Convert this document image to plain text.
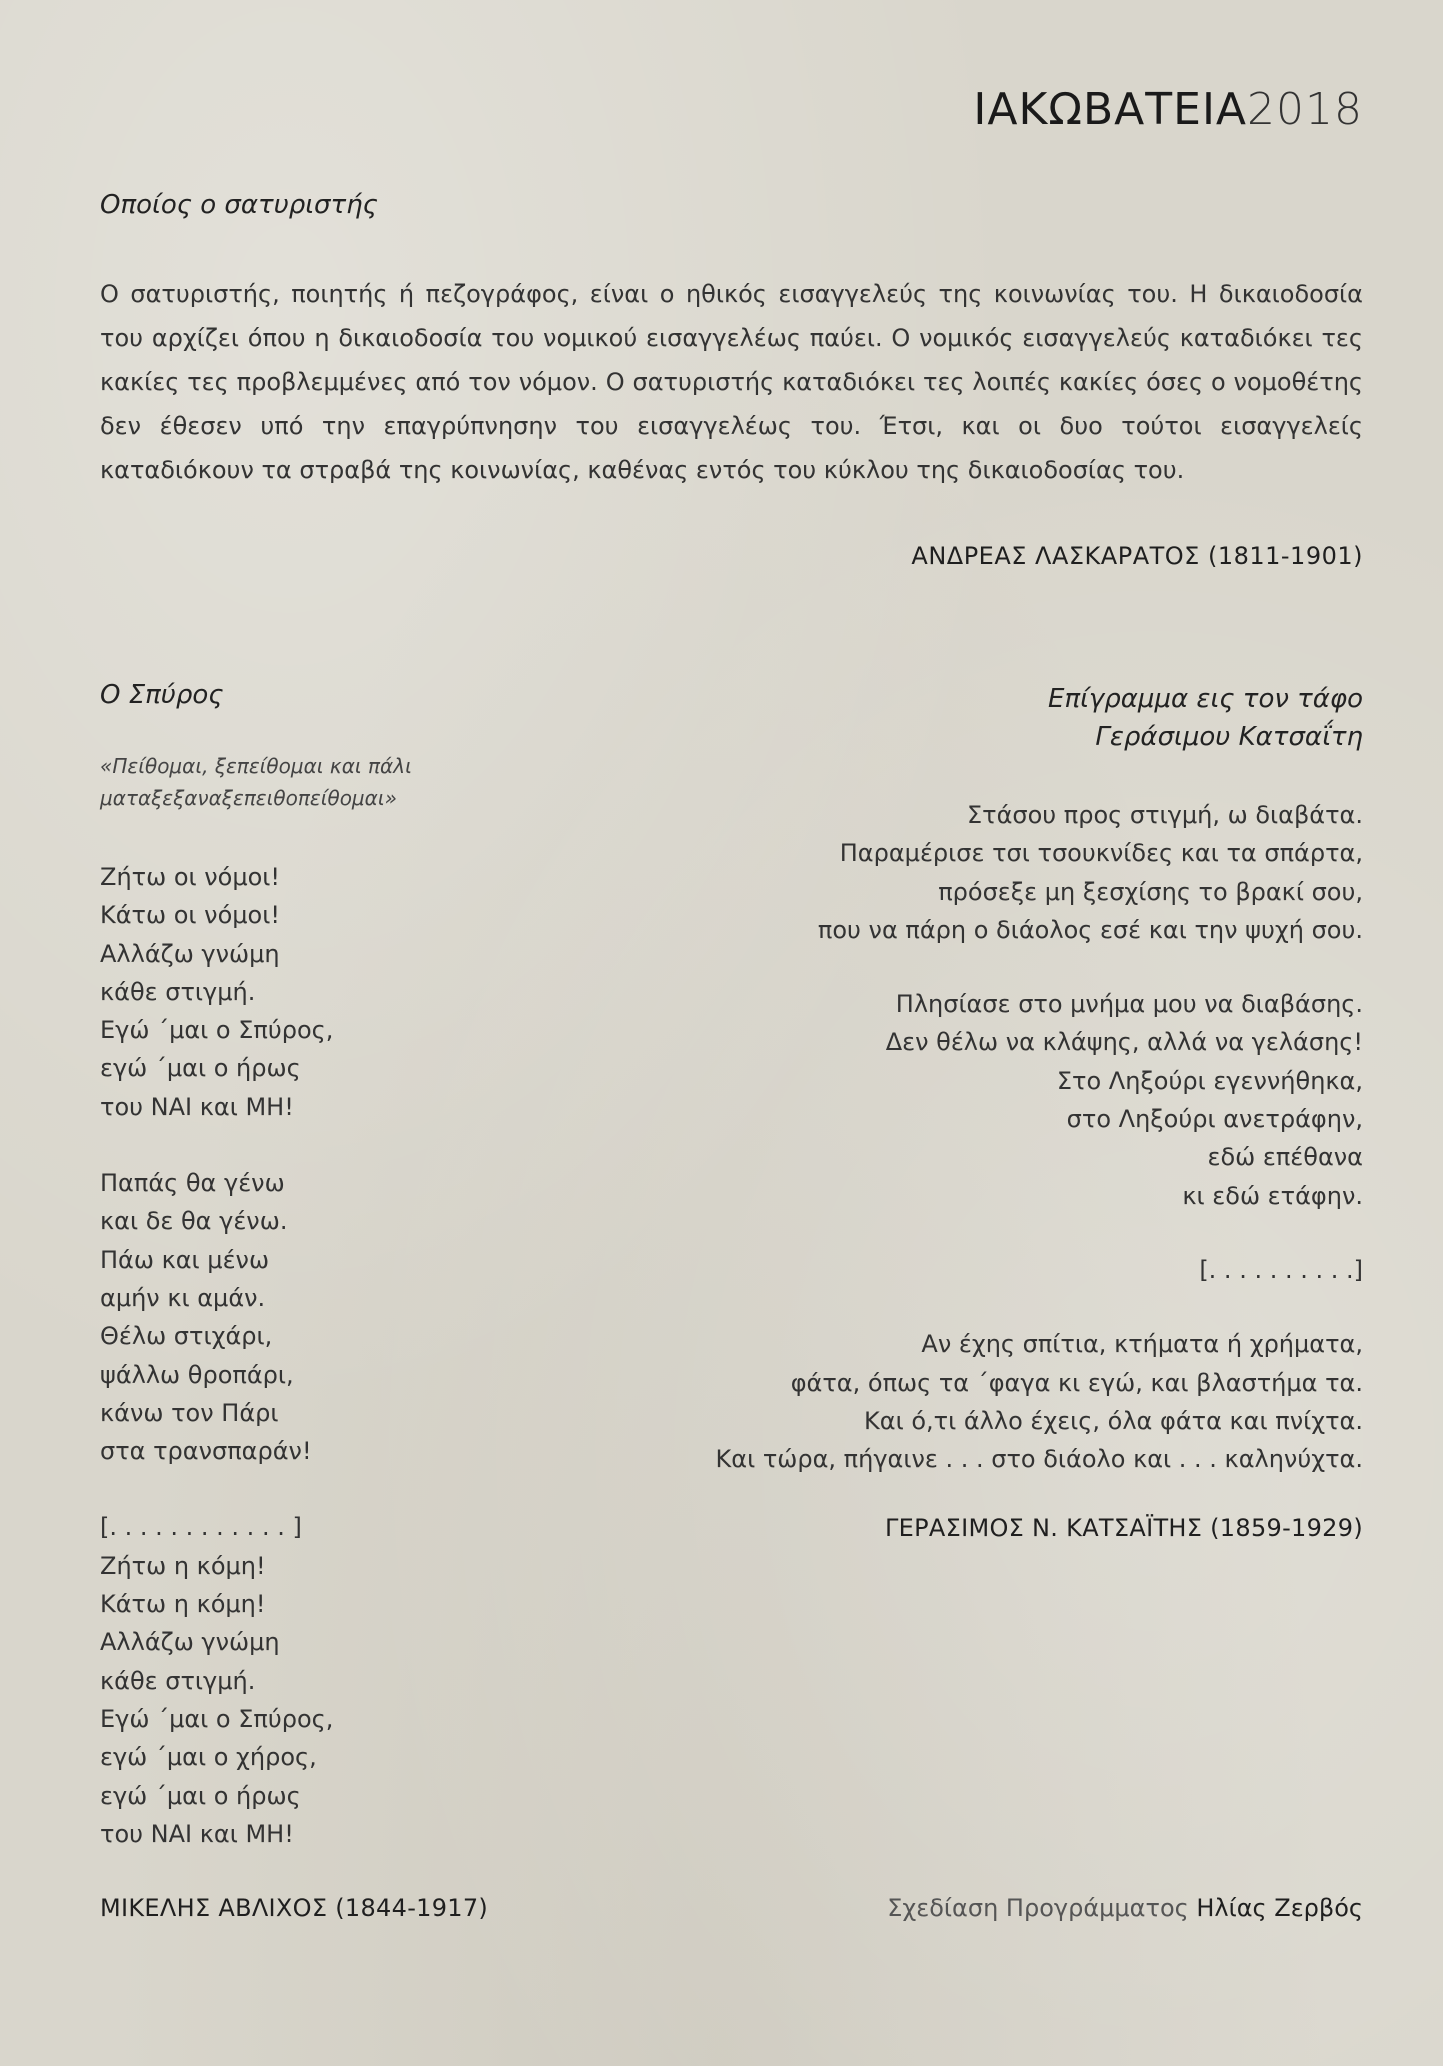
ΙΑΚΩΒΑΤΕΙΑ2018
Οποίος ο σατυριστής
Ο σατυριστής, ποιητής ή πεζογράφος, είναι ο ηθικός εισαγγελεύς της κοινωνίας του. Η δικαιοδοσία του αρχίζει όπου η δικαιοδοσία του νομικού εισαγγελέως παύει. Ο νομικός εισαγγελεύς καταδιόκει τες κακίες τες προβλεμμένες από τον νόμον. Ο σατυριστής καταδιόκει τες λοιπές κακίες όσες ο νομοθέτης δεν έθεσεν υπό την επαγρύπνησην του εισαγγελέως του. Έτσι, και οι δυο τούτοι εισαγγελείς καταδιόκουν τα στραβά της κοινωνίας, καθένας εντός του κύκλου της δικαιοδοσίας του.
ΑΝΔΡΕΑΣ ΛΑΣΚΑΡΑΤΟΣ (1811-1901)
Ο Σπύρος
«Πείθομαι, ξεπείθομαι και πάλι
ματαξεξαναξεπειθοπείθομαι»
Ζήτω οι νόμοι!
Κάτω οι νόμοι!
Αλλάζω γνώμη
κάθε στιγμή.
Εγώ ΄μαι ο Σπύρος,
εγώ ΄μαι ο ήρως
του ΝΑΙ και ΜΗ!
Παπάς θα γένω
και δε θα γένω.
Πάω και μένω
αμήν κι αμάν.
Θέλω στιχάρι,
ψάλλω θροπάρι,
κάνω τον Πάρι
στα τρανσπαράν!
[. . . . . . . . . . . . ]
Ζήτω η κόμη!
Κάτω η κόμη!
Αλλάζω γνώμη
κάθε στιγμή.
Εγώ ΄μαι ο Σπύρος,
εγώ ΄μαι ο χήρος,
εγώ ΄μαι ο ήρως
του ΝΑΙ και ΜΗ!
Επίγραμμα εις τον τάφο
Γεράσιμου Κατσαΐτη
Στάσου προς στιγμή, ω διαβάτα.
Παραμέρισε τσι τσουκνίδες και τα σπάρτα,
πρόσεξε μη ξεσχίσης το βρακί σου,
που να πάρη ο διάολος εσέ και την ψυχή σου.
Πλησίασε στο μνήμα μου να διαβάσης.
Δεν θέλω να κλάψης, αλλά να γελάσης!
Στο Ληξούρι εγεννήθηκα,
στο Ληξούρι ανετράφην,
εδώ επέθανα
κι εδώ ετάφην.
[. . . . . . . . . .]
Αν έχης σπίτια, κτήματα ή χρήματα,
φάτα, όπως τα ΄φαγα κι εγώ, και βλαστήμα τα.
Και ό,τι άλλο έχεις, όλα φάτα και πνίχτα.
Και τώρα, πήγαινε . . . στο διάολο και . . . καληνύχτα.
ΓΕΡΑΣΙΜΟΣ Ν. ΚΑΤΣΑΪΤΗΣ (1859-1929)
ΜΙΚΕΛΗΣ ΑΒΛΙΧΟΣ (1844-1917)	Σχεδίαση Προγράμματος Ηλίας Ζερβός
